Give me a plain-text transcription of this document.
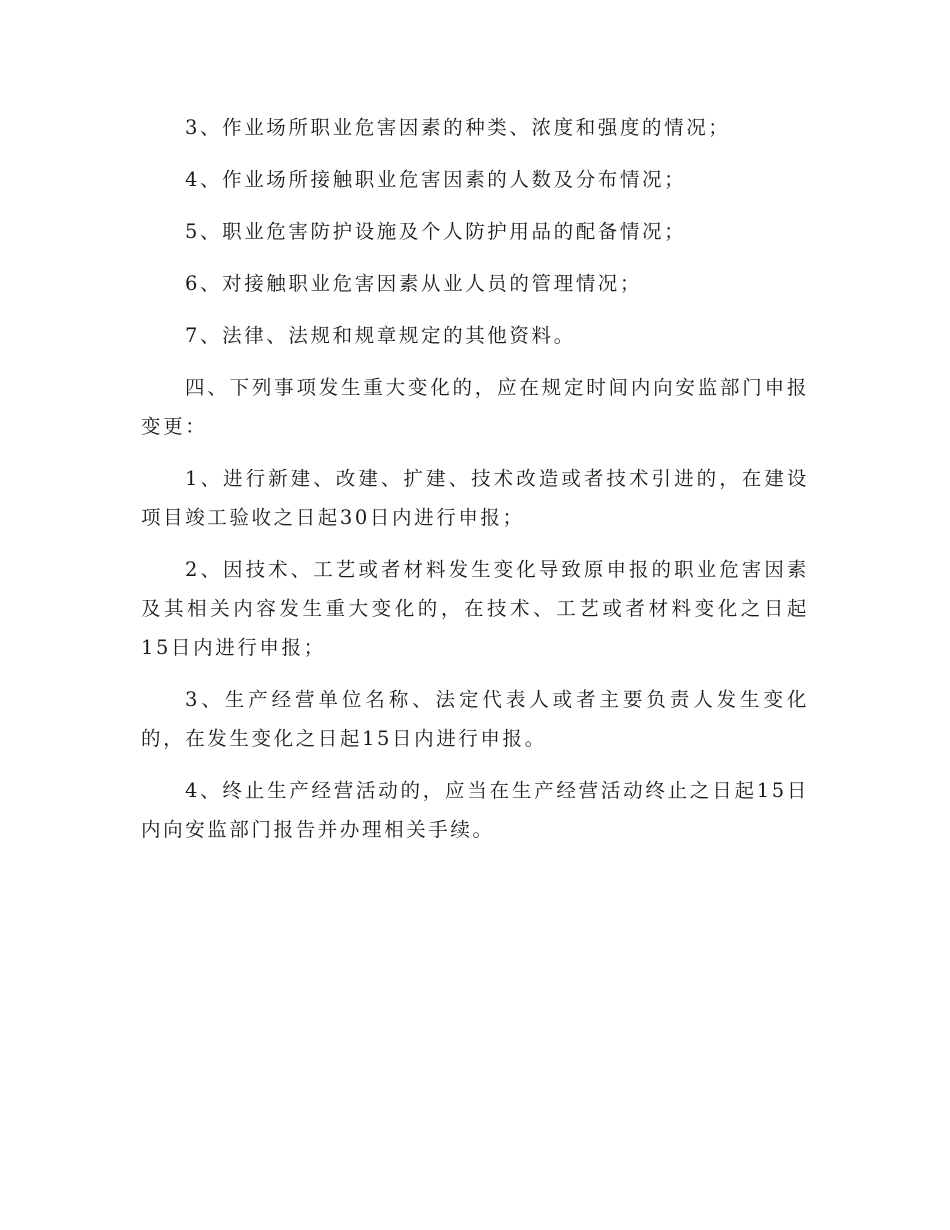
3、作业场所职业危害因素的种类、浓度和强度的情况；

4、作业场所接触职业危害因素的人数及分布情况；

5、职业危害防护设施及个人防护用品的配备情况；

6、对接触职业危害因素从业人员的管理情况；

7、法律、法规和规章规定的其他资料。

四、下列事项发生重大变化的，应在规定时间内向安监部门申报变更：

1、进行新建、改建、扩建、技术改造或者技术引进的，在建设项目竣工验收之日起30日内进行申报；

2、因技术、工艺或者材料发生变化导致原申报的职业危害因素及其相关内容发生重大变化的，在技术、工艺或者材料变化之日起15日内进行申报；

3、生产经营单位名称、法定代表人或者主要负责人发生变化的，在发生变化之日起15日内进行申报。

4、终止生产经营活动的，应当在生产经营活动终止之日起15日内向安监部门报告并办理相关手续。
